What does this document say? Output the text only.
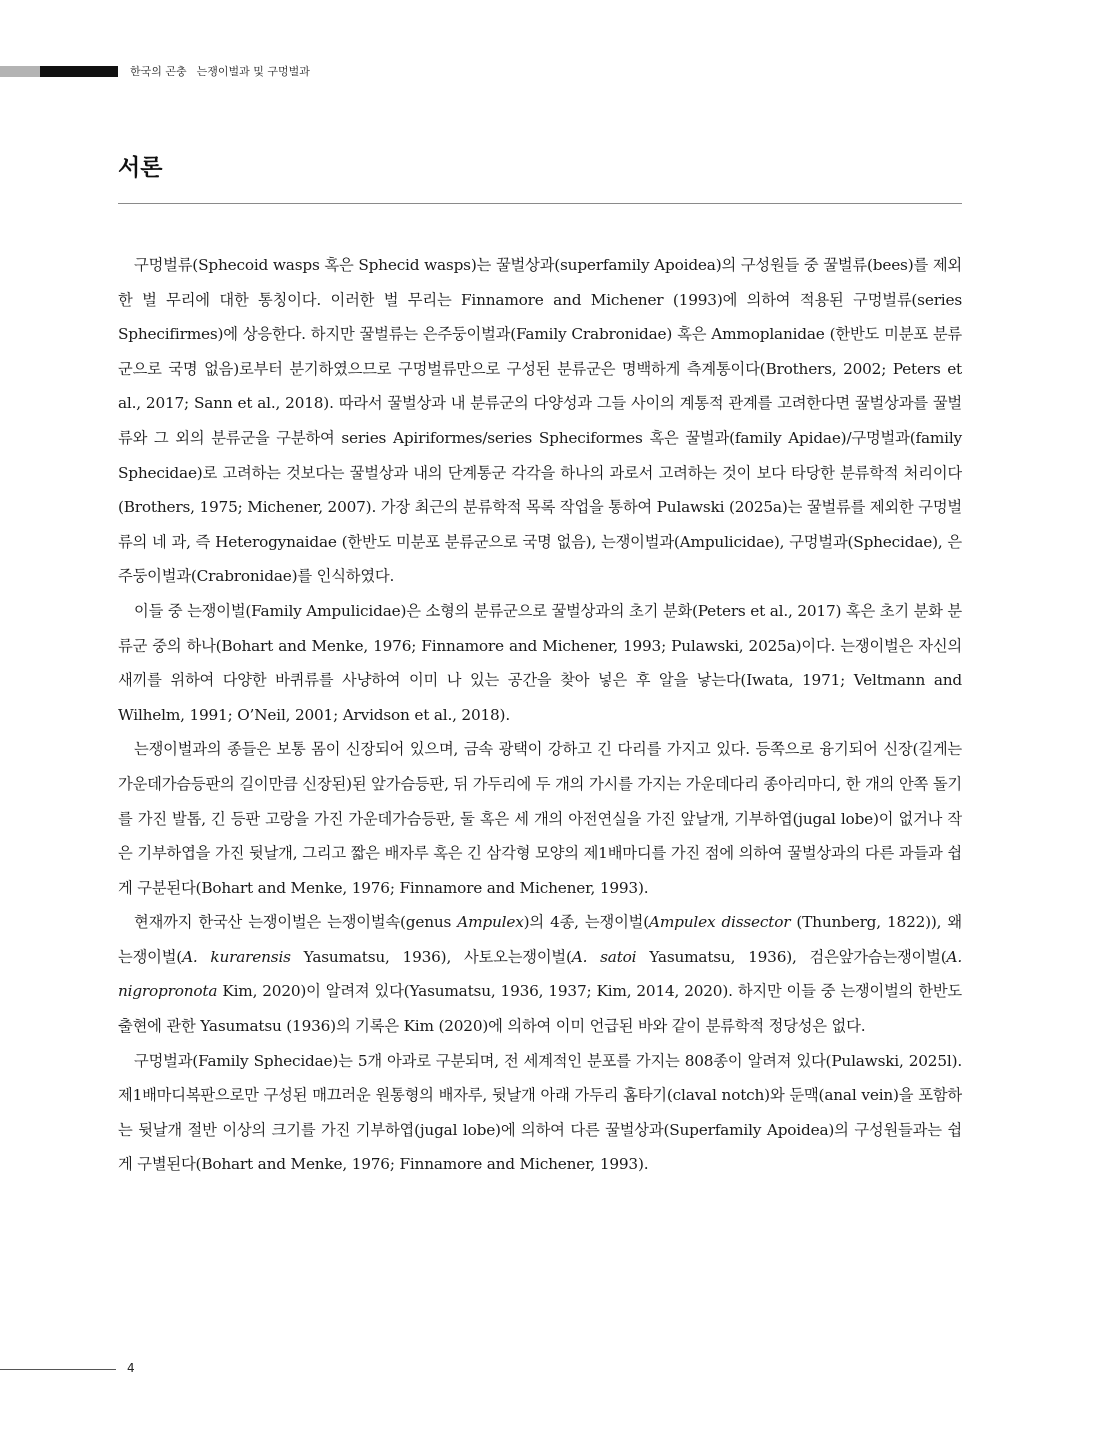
한국의 곤충 는쟁이벌과 및 구멍벌과
서론

구멍벌류(Sphecoid wasps 혹은 Sphecid wasps)는 꿀벌상과(superfamily Apoidea)의 구성원들 중 꿀벌류(bees)를 제외한 벌 무리에 대한 통칭이다. 이러한 벌 무리는 Finnamore and Michener (1993)에 의하여 적용된 구멍벌류(series Sphecifirmes)에 상응한다. 하지만 꿀벌류는 은주둥이벌과(Family Crabronidae) 혹은 Ammoplanidae (한반도 미분포 분류군으로 국명 없음)로부터 분기하였으므로 구멍벌류만으로 구성된 분류군은 명백하게 측계통이다(Brothers, 2002; Peters et al., 2017; Sann et al., 2018). 따라서 꿀벌상과 내 분류군의 다양성과 그들 사이의 계통적 관계를 고려한다면 꿀벌상과를 꿀벌류와 그 외의 분류군을 구분하여 series Apiriformes/series Spheciformes 혹은 꿀벌과(family Apidae)/구멍벌과(family Sphecidae)로 고려하는 것보다는 꿀벌상과 내의 단계통군 각각을 하나의 과로서 고려하는 것이 보다 타당한 분류학적 처리이다(Brothers, 1975; Michener, 2007). 가장 최근의 분류학적 목록 작업을 통하여 Pulawski (2025a)는 꿀벌류를 제외한 구멍벌류의 네 과, 즉 Heterogynaidae (한반도 미분포 분류군으로 국명 없음), 는쟁이벌과(Ampulicidae), 구멍벌과(Sphecidae), 은주둥이벌과(Crabronidae)를 인식하였다.

이들 중 는쟁이벌(Family Ampulicidae)은 소형의 분류군으로 꿀벌상과의 초기 분화(Peters et al., 2017) 혹은 초기 분화 분류군 중의 하나(Bohart and Menke, 1976; Finnamore and Michener, 1993; Pulawski, 2025a)이다. 는쟁이벌은 자신의 새끼를 위하여 다양한 바퀴류를 사냥하여 이미 나 있는 공간을 찾아 넣은 후 알을 낳는다(Iwata, 1971; Veltmann and Wilhelm, 1991; O’Neil, 2001; Arvidson et al., 2018).

는쟁이벌과의 종들은 보통 몸이 신장되어 있으며, 금속 광택이 강하고 긴 다리를 가지고 있다. 등쪽으로 융기되어 신장(길게는 가운데가슴등판의 길이만큼 신장된)된 앞가슴등판, 뒤 가두리에 두 개의 가시를 가지는 가운데다리 종아리마디, 한 개의 안쪽 돌기를 가진 발톱, 긴 등판 고랑을 가진 가운데가슴등판, 둘 혹은 세 개의 아전연실을 가진 앞날개, 기부하엽(jugal lobe)이 없거나 작은 기부하엽을 가진 뒷날개, 그리고 짧은 배자루 혹은 긴 삼각형 모양의 제1배마디를 가진 점에 의하여 꿀벌상과의 다른 과들과 쉽게 구분된다(Bohart and Menke, 1976; Finnamore and Michener, 1993).

현재까지 한국산 는쟁이벌은 는쟁이벌속(genus Ampulex)의 4종, 는쟁이벌(Ampulex dissector (Thunberg, 1822)), 왜는쟁이벌(A. kurarensis Yasumatsu, 1936), 사토오는쟁이벌(A. satoi Yasumatsu, 1936), 검은앞가슴는쟁이벌(A. nigropronota Kim, 2020)이 알려져 있다(Yasumatsu, 1936, 1937; Kim, 2014, 2020). 하지만 이들 중 는쟁이벌의 한반도 출현에 관한 Yasumatsu (1936)의 기록은 Kim (2020)에 의하여 이미 언급된 바와 같이 분류학적 정당성은 없다.

구멍벌과(Family Sphecidae)는 5개 아과로 구분되며, 전 세계적인 분포를 가지는 808종이 알려져 있다(Pulawski, 2025l). 제1배마디복판으로만 구성된 매끄러운 원통형의 배자루, 뒷날개 아래 가두리 홈타기(claval notch)와 둔맥(anal vein)을 포함하는 뒷날개 절반 이상의 크기를 가진 기부하엽(jugal lobe)에 의하여 다른 꿀벌상과(Superfamily Apoidea)의 구성원들과는 쉽게 구별된다(Bohart and Menke, 1976; Finnamore and Michener, 1993).

4
